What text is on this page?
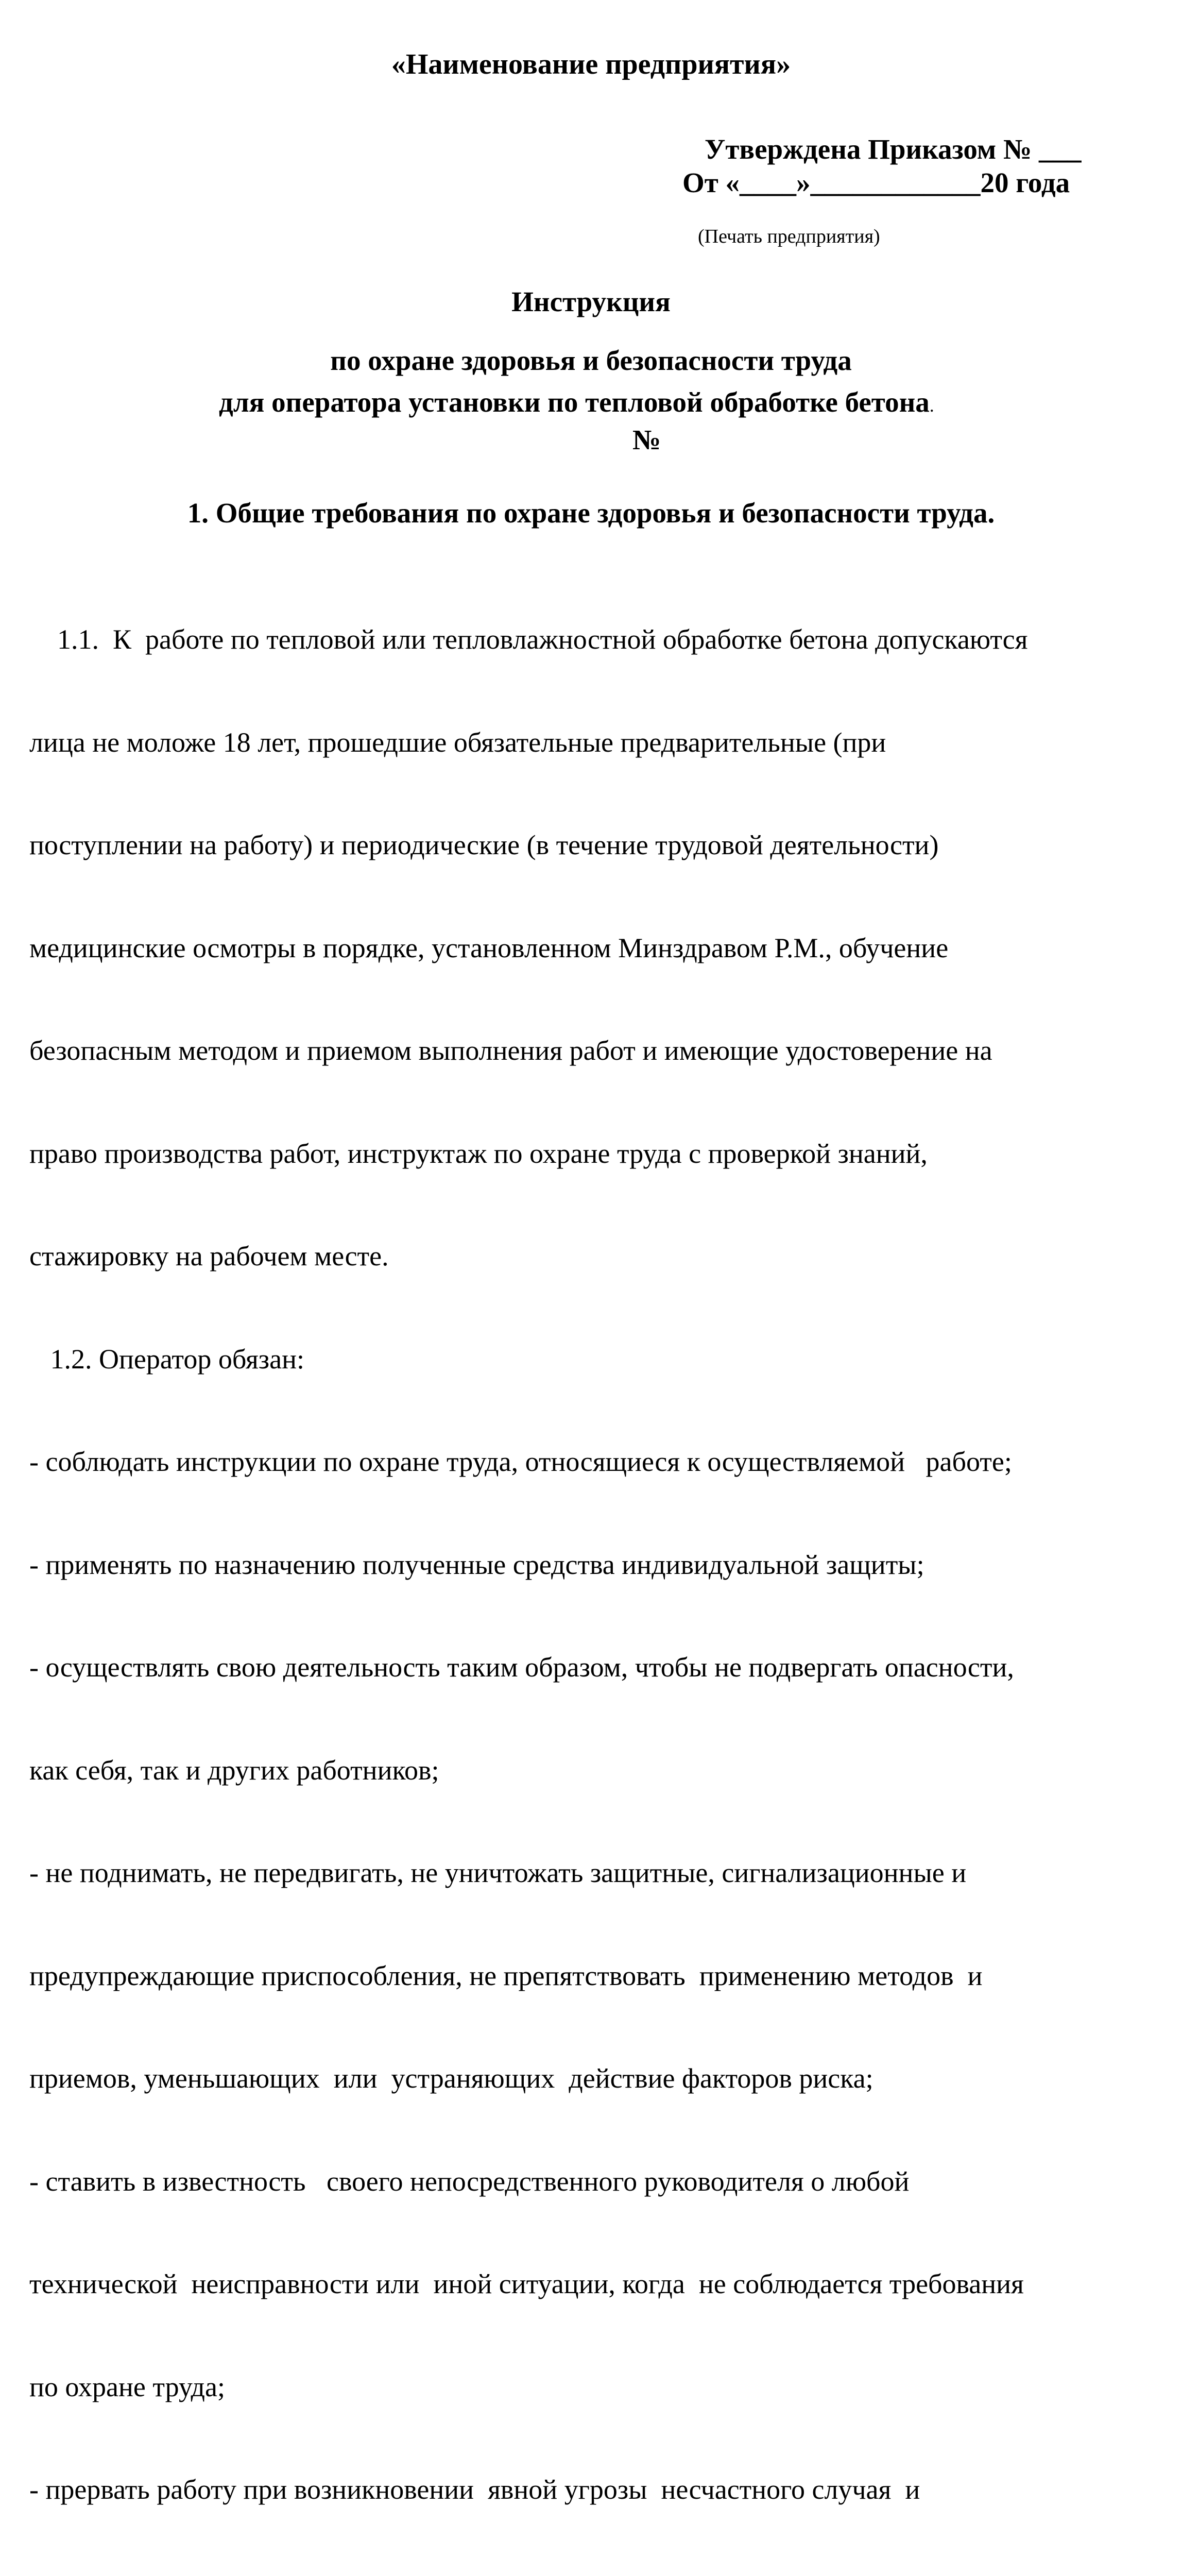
«Наименование предприятия»
Утверждена Приказом № ___
От «____»____________20 года
(Печать предприятия)
Инструкция
по охране здоровья и безопасности труда
для оператора установки по тепловой обработке бетона.
№
1. Общие требования по охране здоровья и безопасности труда.

1.1.  К  работе по тепловой или тепловлажностной обработке бетона допускаются

лица не моложе 18 лет, прошедшие обязательные предварительные (при

поступлении на работу) и периодические (в течение трудовой деятельности)

медицинские осмотры в порядке, установленном Минздравом Р.М., обучение

безопасным методом и приемом выполнения работ и имеющие удостоверение на

право производства работ, инструктаж по охране труда с проверкой знаний,

стажировку на рабочем месте.

1.2. Оператор обязан:

- соблюдать инструкции по охране труда, относящиеся к осуществляемой   работе;

- применять по назначению полученные средства индивидуальной защиты;

- осуществлять свою деятельность таким образом, чтобы не подвергать опасности,

как себя, так и других работников;

- не поднимать, не передвигать, не уничтожать защитные, сигнализационные и

предупреждающие приспособления, не препятствовать  применению методов  и

приемов, уменьшающих  или  устраняющих  действие факторов риска;

- ставить в известность   своего непосредственного руководителя о любой

технической  неисправности или  иной ситуации, когда  не соблюдается требования

по охране труда;

- прервать работу при возникновении  явной угрозы  несчастного случая  и
